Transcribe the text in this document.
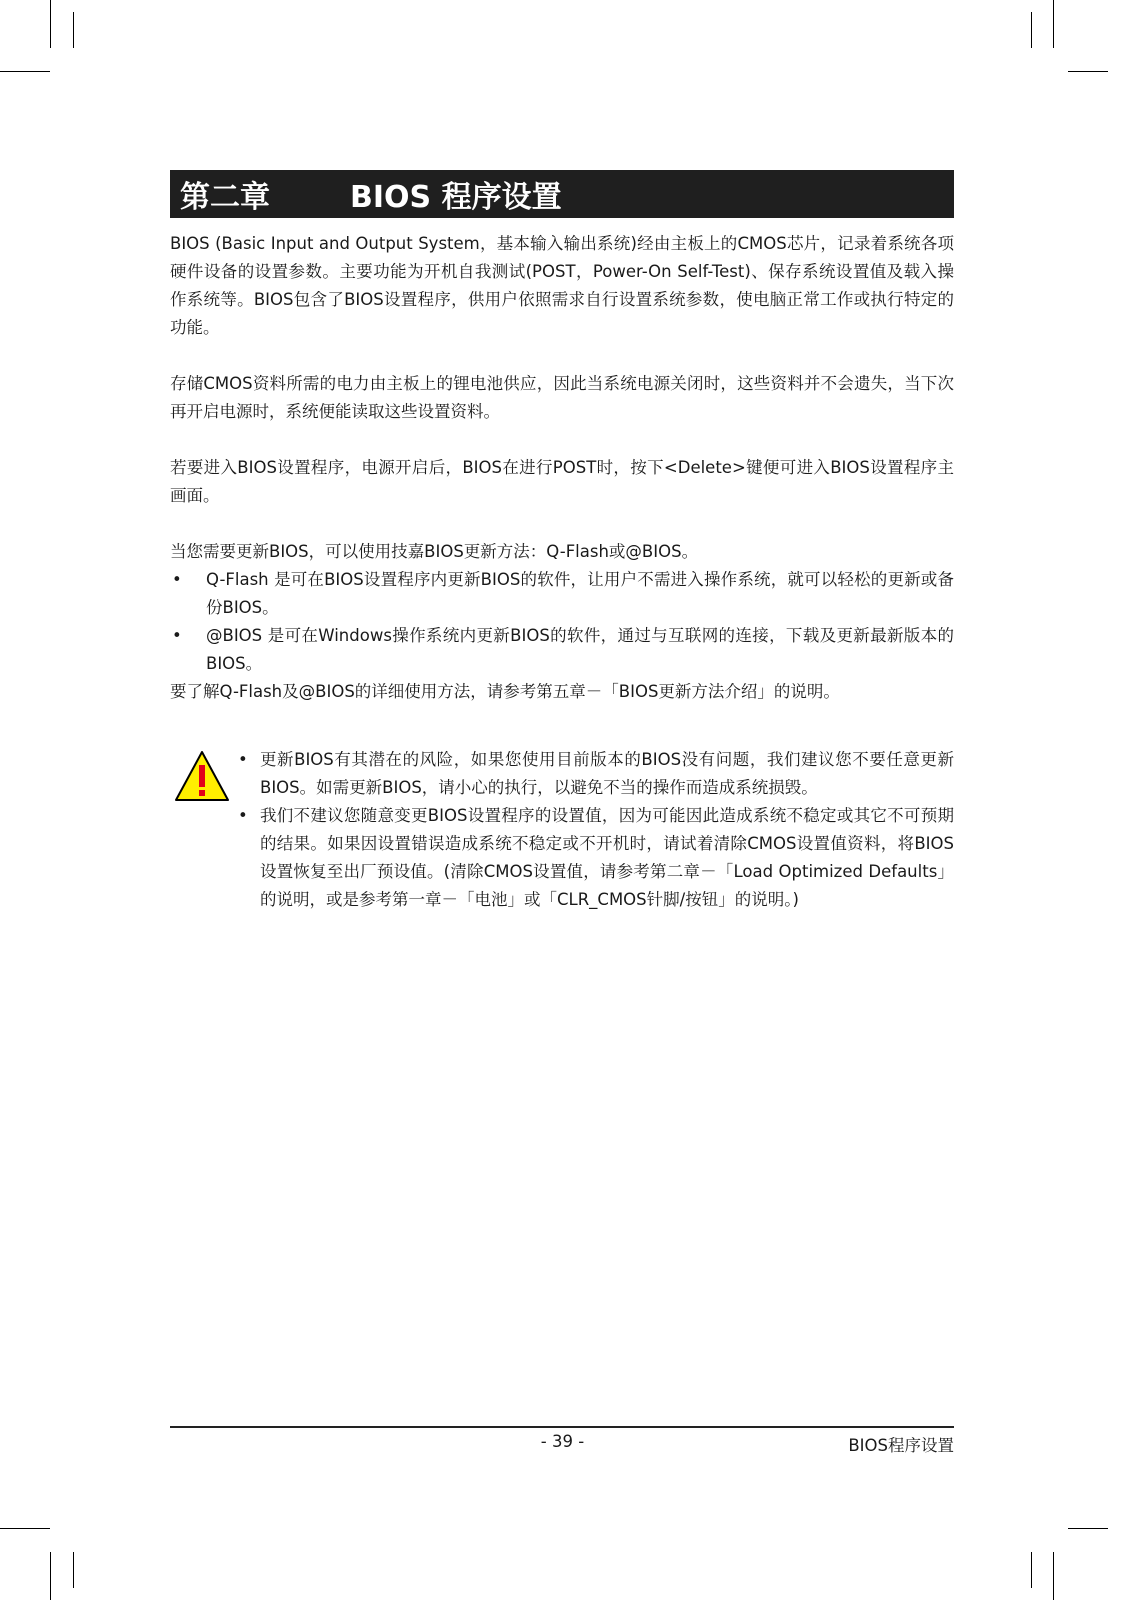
第二章	BIOS 程序设置

BIOS (Basic Input and Output System，基本输入输出系统)经由主板上的CMOS芯片，记录着系统各项硬件设备的设置参数。主要功能为开机自我测试(POST，Power-On Self-Test)、保存系统设置值及载入操作系统等。BIOS包含了BIOS设置程序，供用户依照需求自行设置系统参数，使电脑正常工作或执行特定的功能。

存储CMOS资料所需的电力由主板上的锂电池供应，因此当系统电源关闭时，这些资料并不会遗失，当下次再开启电源时，系统便能读取这些设置资料。

若要进入BIOS设置程序，电源开启后，BIOS在进行POST时，按下<Delete>键便可进入BIOS设置程序主画面。

当您需要更新BIOS，可以使用技嘉BIOS更新方法：Q-Flash或@BIOS。

• Q-Flash 是可在BIOS设置程序内更新BIOS的软件，让用户不需进入操作系统，就可以轻松的更新或备份BIOS。
• @BIOS 是可在Windows操作系统内更新BIOS的软件，通过与互联网的连接，下载及更新最新版本的BIOS。

要了解Q-Flash及@BIOS的详细使用方法，请参考第五章－「BIOS更新方法介绍」的说明。

• 更新BIOS有其潜在的风险，如果您使用目前版本的BIOS没有问题，我们建议您不要任意更新BIOS。如需更新BIOS，请小心的执行，以避免不当的操作而造成系统损毁。
• 我们不建议您随意变更BIOS设置程序的设置值，因为可能因此造成系统不稳定或其它不可预期的结果。如果因设置错误造成系统不稳定或不开机时，请试着清除CMOS设置值资料，将BIOS设置恢复至出厂预设值。(清除CMOS设置值，请参考第二章－「Load Optimized Defaults」的说明，或是参考第一章－「电池」或「CLR_CMOS针脚/按钮」的说明。)
- 39 -	BIOS程序设置
